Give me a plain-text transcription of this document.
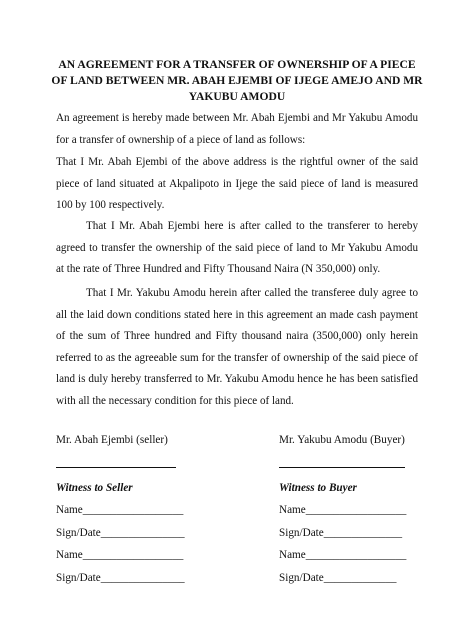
AN AGREEMENT FOR A TRANSFER OF OWNERSHIP OF A PIECE OF LAND BETWEEN MR. ABAH EJEMBI OF IJEGE AMEJO AND MR YAKUBU AMODU

An agreement is hereby made between Mr. Abah Ejembi and Mr Yakubu Amodu for a transfer of ownership of a piece of land as follows:

That I Mr. Abah Ejembi of the above address is the rightful owner of the said piece of land situated at Akpalipoto in Ijege the said piece of land is measured 100 by 100 respectively.

That I Mr. Abah Ejembi here is after called to the transferer to hereby agreed to transfer the ownership of the said piece of land to Mr Yakubu Amodu at the rate of Three Hundred and Fifty Thousand Naira (N 350,000) only.

That I Mr. Yakubu Amodu herein after called the transferee duly agree to all the laid down conditions stated here in this agreement an made cash payment of the sum of Three hundred and Fifty thousand naira (3500,000) only herein referred to as the agreeable sum for the transfer of ownership of the said piece of land is duly hereby transferred to Mr. Yakubu Amodu hence he has been satisfied with all the necessary condition for this piece of land.

Mr. Abah Ejembi (seller)
Witness to Seller
Name__________________
Sign/Date_______________
Name__________________
Sign/Date_______________
Mr. Yakubu Amodu (Buyer)
Witness to Buyer
Name__________________
Sign/Date______________
Name__________________
Sign/Date_____________
